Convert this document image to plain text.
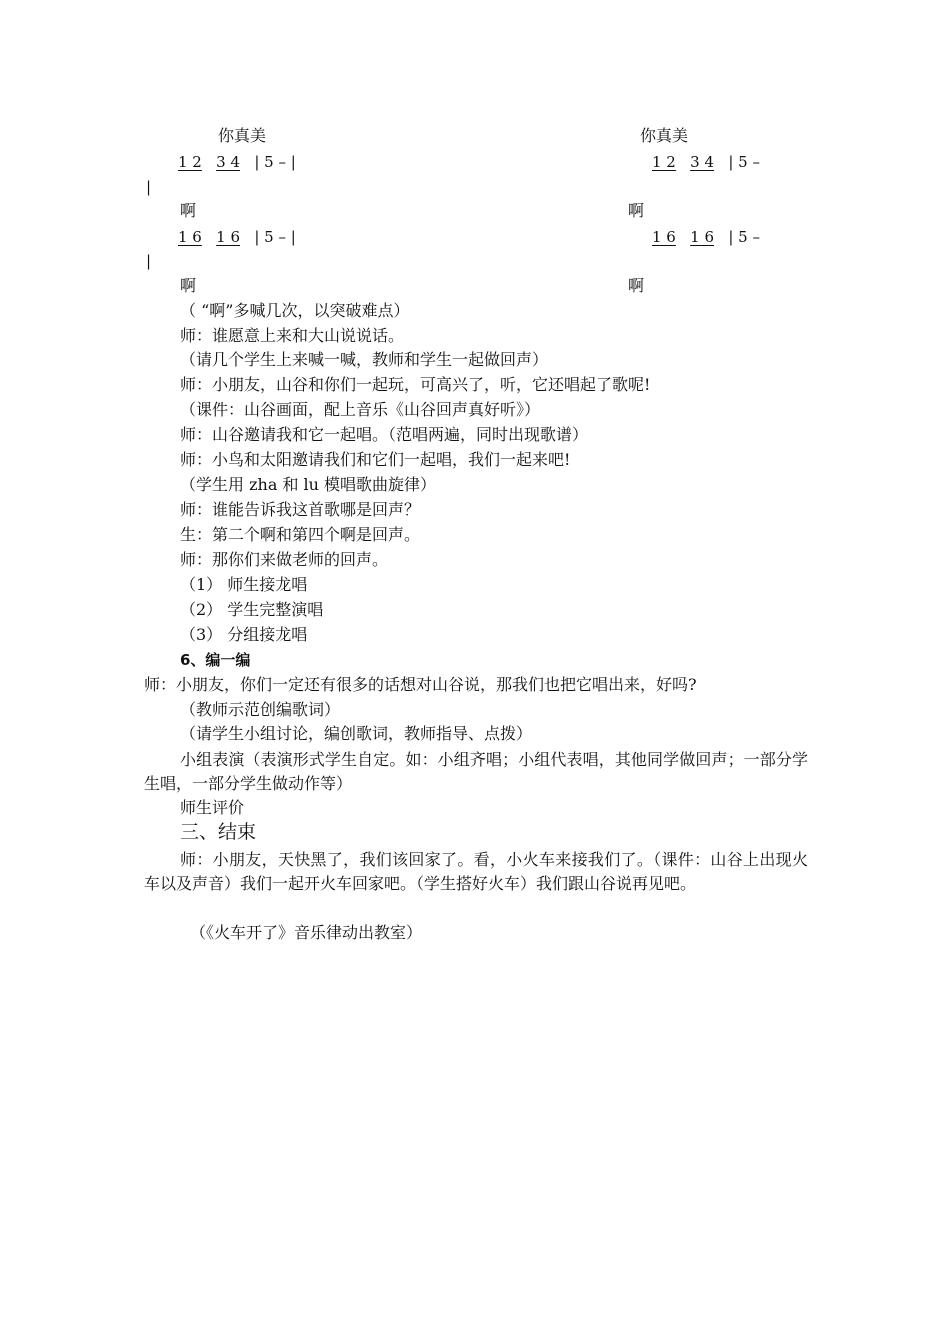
你真美
1 2 3 4 | 5 – |
|
啊
1 6 1 6 | 5 – |
|
啊
你真美
1 2 3 4 | 5 –
啊
1 6 1 6 | 5 –
啊
（ “啊”多喊几次，以突破难点）
师：谁愿意上来和大山说说话。
（请几个学生上来喊一喊，教师和学生一起做回声）
师：小朋友，山谷和你们一起玩，可高兴了，听，它还唱起了歌呢!
（课件：山谷画面，配上音乐《山谷回声真好听》）
师：山谷邀请我和它一起唱。（范唱两遍，同时出现歌谱）
师：小鸟和太阳邀请我们和它们一起唱，我们一起来吧!
（学生用 zha 和 lu 模唱歌曲旋律）
师：谁能告诉我这首歌哪是回声？
生：第二个啊和第四个啊是回声。
师：那你们来做老师的回声。
（1） 师生接龙唱
（2） 学生完整演唱
（3） 分组接龙唱
6、编一编
师：小朋友，你们一定还有很多的话想对山谷说，那我们也把它唱出来，好吗?
（教师示范创编歌词）
（请学生小组讨论，编创歌词，教师指导、点拨）
小组表演（表演形式学生自定。如：小组齐唱；小组代表唱，其他同学做回声；一部分学生唱，一部分学生做动作等）
师生评价
三、结束
师：小朋友，天快黑了，我们该回家了。看，小火车来接我们了。（课件：山谷上出现火车以及声音）我们一起开火车回家吧。（学生搭好火车）我们跟山谷说再见吧。
（《火车开了》音乐律动出教室）
